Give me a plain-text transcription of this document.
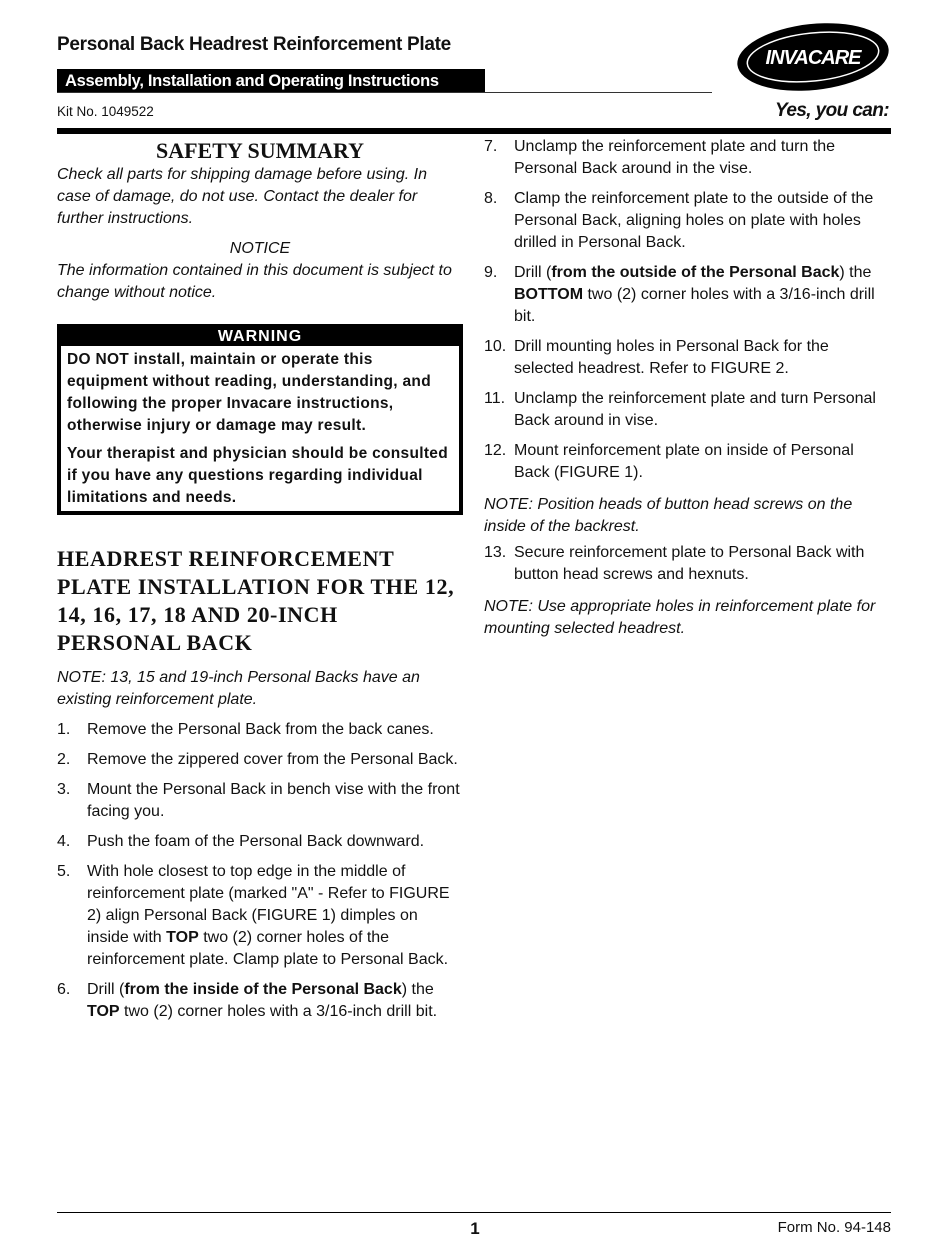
Personal Back Headrest Reinforcement Plate
Assembly, Installation and Operating Instructions
Kit No. 1049522
INVACARE
Yes, you can:
SAFETY SUMMARY

Check all parts for shipping damage before using. In case of damage, do not use. Contact the dealer for further instructions.

NOTICE

The information contained in this document is subject to change without notice.

WARNING

DO NOT install, maintain or operate this equipment without reading, understanding, and following the proper Invacare instructions, otherwise injury or damage may result.

Your therapist and physician should be consulted if you have any questions regarding individual limitations and needs.

HEADREST REINFORCEMENT PLATE INSTALLATION FOR THE 12, 14, 16, 17, 18 AND 20-INCH PERSONAL BACK

NOTE: 13, 15 and 19-inch Personal Backs have an existing reinforcement plate.

1. Remove the Personal Back from the back canes.
2. Remove the zippered cover from the Personal Back.
3. Mount the Personal Back in bench vise with the front facing you.
4. Push the foam of the Personal Back downward.
5. With hole closest to top edge in the middle of reinforcement plate (marked "A" - Refer to FIGURE 2) align Personal Back (FIGURE 1) dimples on inside with TOP two (2) corner holes of the reinforcement plate. Clamp plate to Personal Back.
6. Drill (from the inside of the Personal Back) the TOP two (2) corner holes with a 3/16-inch drill bit.
7. Unclamp the reinforcement plate and turn the Personal Back around in the vise.
8. Clamp the reinforcement plate to the outside of the Personal Back, aligning holes on plate with holes drilled in Personal Back.
9. Drill (from the outside of the Personal Back) the BOTTOM two (2) corner holes with a 3/16-inch drill bit.
10. Drill mounting holes in Personal Back for the selected headrest. Refer to FIGURE 2.
11. Unclamp the reinforcement plate and turn Personal Back around in vise.
12. Mount reinforcement plate on inside of Personal Back (FIGURE 1).

NOTE: Position heads of button head screws on the inside of the backrest.

13. Secure reinforcement plate to Personal Back with button head screws and hexnuts.

NOTE: Use appropriate holes in reinforcement plate for mounting selected headrest.

1	Form No. 94-148
